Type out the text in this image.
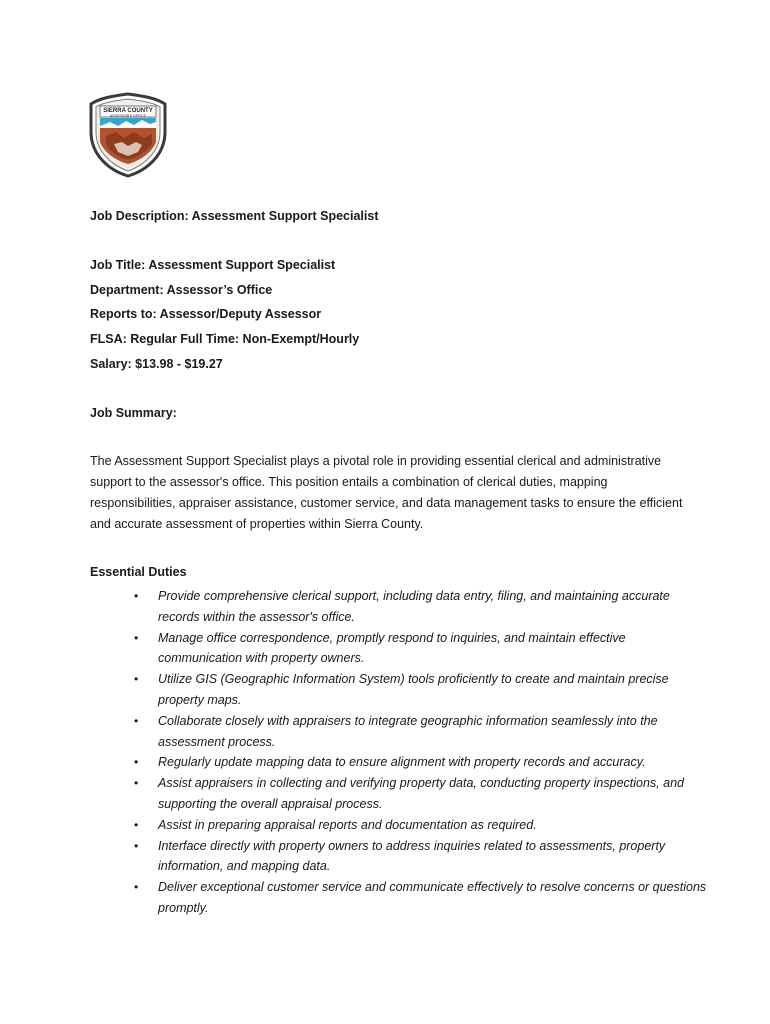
SIERRA COUNTY
ASSESSOR'S OFFICE
Job Description: Assessment Support Specialist
Job Title: Assessment Support Specialist
Department: Assessor’s Office
Reports to: Assessor/Deputy Assessor
FLSA: Regular Full Time: Non-Exempt/Hourly
Salary: $13.98 - $19.27
Job Summary:
The Assessment Support Specialist plays a pivotal role in providing essential clerical and administrative support to the assessor's office. This position entails a combination of clerical duties, mapping responsibilities, appraiser assistance, customer service, and data management tasks to ensure the efficient and accurate assessment of properties within Sierra County.
Essential Duties
• Provide comprehensive clerical support, including data entry, filing, and maintaining accurate records within the assessor's office.
• Manage office correspondence, promptly respond to inquiries, and maintain effective communication with property owners.
• Utilize GIS (Geographic Information System) tools proficiently to create and maintain precise property maps.
• Collaborate closely with appraisers to integrate geographic information seamlessly into the assessment process.
• Regularly update mapping data to ensure alignment with property records and accuracy.
• Assist appraisers in collecting and verifying property data, conducting property inspections, and supporting the overall appraisal process.
• Assist in preparing appraisal reports and documentation as required.
• Interface directly with property owners to address inquiries related to assessments, property information, and mapping data.
• Deliver exceptional customer service and communicate effectively to resolve concerns or questions promptly.
